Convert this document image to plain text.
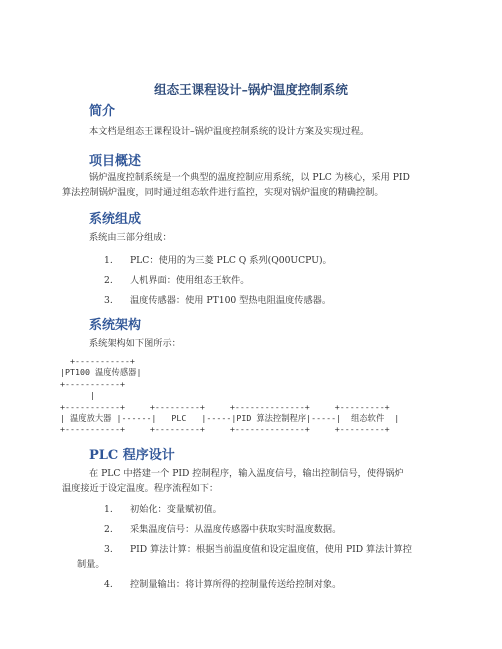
组态王课程设计–锅炉温度控制系统
简介
本文档是组态王课程设计–锅炉温度控制系统的设计方案及实现过程。
项目概述
锅炉温度控制系统是一个典型的温度控制应用系统，以 PLC 为核心，采用 PID
算法控制锅炉温度，同时通过组态软件进行监控，实现对锅炉温度的精确控制。
系统组成
系统由三部分组成：
1. PLC：使用的为三菱 PLC Q 系列(Q00UCPU)。
2. 人机界面：使用组态王软件。
3. 温度传感器：使用 PT100 型热电阻温度传感器。
系统架构
系统架构如下图所示：
+-----------+
|PT100 温度传感器|
+-----------+
|
+-----------+     +---------+     +--------------+     +---------+
| 温度放大器 |------|   PLC   |-----|PID 算法控制程序|-----|  组态软件  |
+-----------+     +---------+     +--------------+     +---------+
PLC 程序设计
在 PLC 中搭建一个 PID 控制程序，输入温度信号，输出控制信号，使得锅炉
温度接近于设定温度。程序流程如下：
1. 初始化：变量赋初值。
2. 采集温度信号：从温度传感器中获取实时温度数据。
3. PID 算法计算：根据当前温度值和设定温度值，使用 PID 算法计算控
制量。
4. 控制量输出：将计算所得的控制量传送给控制对象。
